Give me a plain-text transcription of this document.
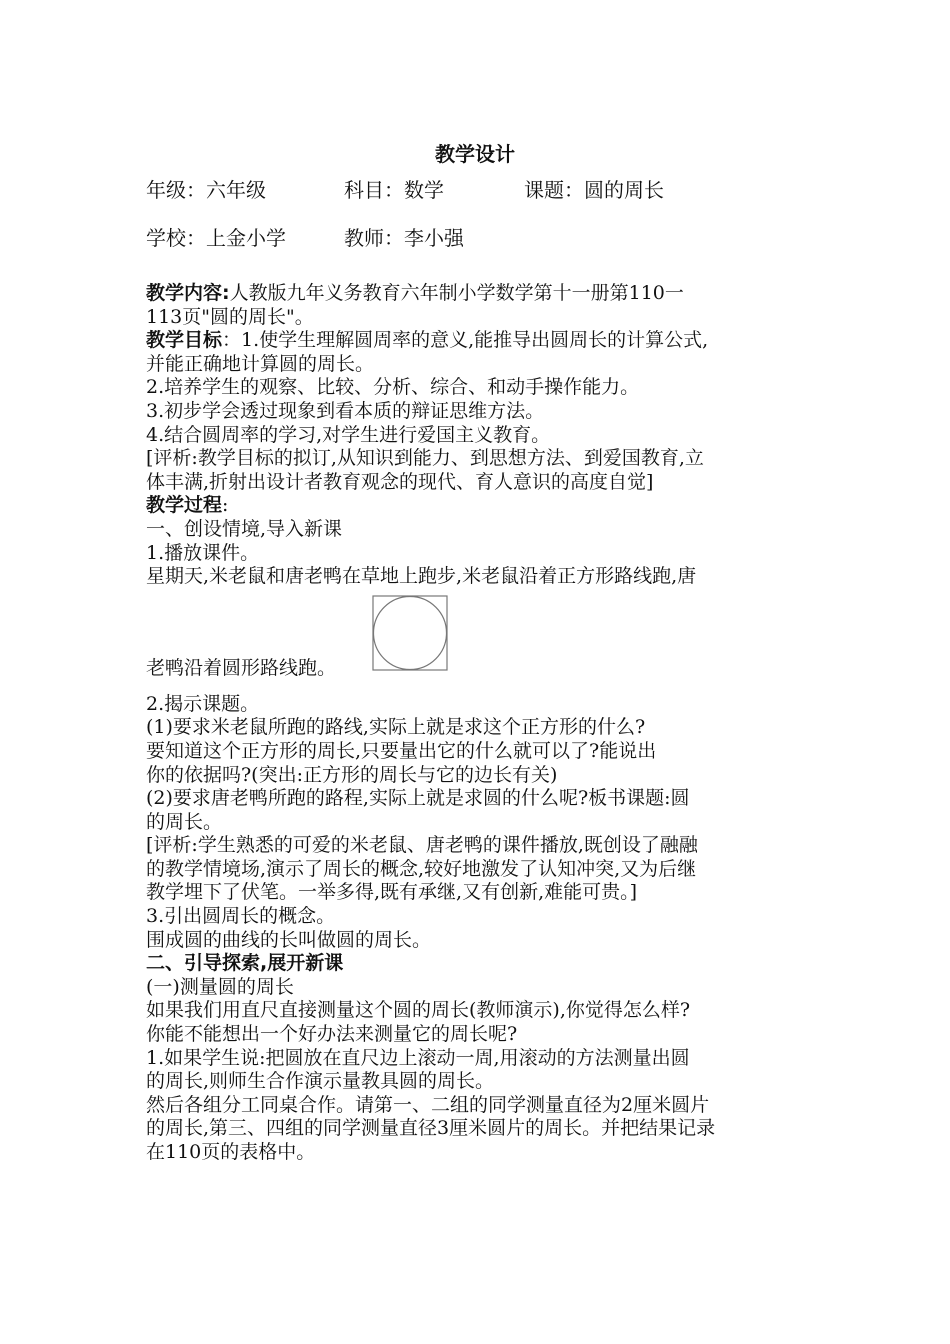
教学设计
年级：六年级	科目：数学	课题：圆的周长
学校：上金小学	教师：李小强

教学内容:人教版九年义务教育六年制小学数学第十一册第110一

113页"圆的周长"。

教学目标：1.使学生理解圆周率的意义,能推导出圆周长的计算公式,

并能正确地计算圆的周长。

2.培养学生的观察、比较、分析、综合、和动手操作能力。

3.初步学会透过现象到看本质的辩证思维方法。

4.结合圆周率的学习,对学生进行爱国主义教育。

[评析:教学目标的拟订,从知识到能力、到思想方法、到爱国教育,立

体丰满,折射出设计者教育观念的现代、育人意识的高度自觉]

教学过程:

一、创设情境,导入新课

1.播放课件。

星期天,米老鼠和唐老鸭在草地上跑步,米老鼠沿着正方形路线跑,唐

老鸭沿着圆形路线跑。

2.揭示课题。

(1)要求米老鼠所跑的路线,实际上就是求这个正方形的什么?

要知道这个正方形的周长,只要量出它的什么就可以了?能说出

你的依据吗?(突出:正方形的周长与它的边长有关)

(2)要求唐老鸭所跑的路程,实际上就是求圆的什么呢?板书课题:圆

的周长。

[评析:学生熟悉的可爱的米老鼠、唐老鸭的课件播放,既创设了融融

的教学情境场,演示了周长的概念,较好地激发了认知冲突,又为后继

教学埋下了伏笔。一举多得,既有承继,又有创新,难能可贵。]

3.引出圆周长的概念。

围成圆的曲线的长叫做圆的周长。

二、引导探索,展开新课

(一)测量圆的周长

如果我们用直尺直接测量这个圆的周长(教师演示),你觉得怎么样?

你能不能想出一个好办法来测量它的周长呢?

1.如果学生说:把圆放在直尺边上滚动一周,用滚动的方法测量出圆

的周长,则师生合作演示量教具圆的周长。

然后各组分工同桌合作。请第一、二组的同学测量直径为2厘米圆片

的周长,第三、四组的同学测量直径3厘米圆片的周长。并把结果记录

在110页的表格中。
